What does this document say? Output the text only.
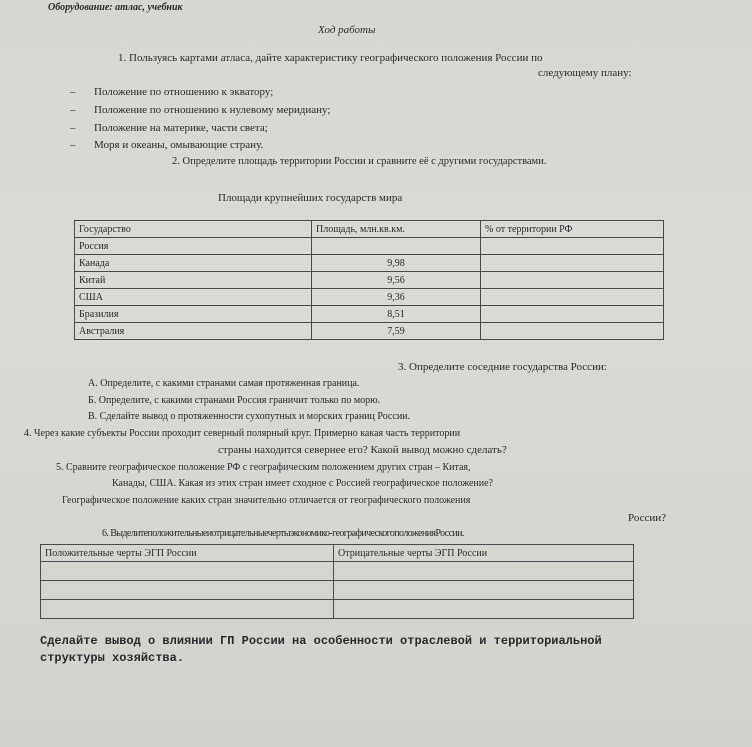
Оборудование: атлас, учебник
Ход работы
1. Пользуясь картами атласа, дайте характеристику географического положения России по
следующему плану:
– Положение по отношению к экватору;
– Положение по отношению к нулевому меридиану;
– Положение на материке, части света;
– Моря и океаны, омывающие страну.
2. Определите площадь территории России и сравните её с другими государствами.
Площади крупнейших государств мира
Государство	Площадь, млн.кв.км.	% от территории РФ
Россия		
Канада	9,98	
Китай	9,56	
США	9,36	
Бразилия	8,51	
Австралия	7,59	
3. Определите соседние государства России:
А. Определите, с какими странами самая протяженная граница.
Б. Определите, с какими странами Россия граничит только по морю.
В. Сделайте вывод о протяженности сухопутных и морских границ России.
4. Через какие субъекты России проходит северный полярный круг. Примерно какая часть территории
страны находится севернее его? Какой вывод можно сделать?
5. Сравните географическое положение РФ с географическим положением других стран – Китая,
Канады, США. Какая из этих стран имеет сходное с Россией географическое положение?
Географическое положение каких стран значительно отличается от географического положения
России?
6. Выделитеположительныеиотрицательныечертыэкономико-географическогоположенияРоссии.
Положительные черты ЭГП России	Отрицательные черты ЭГП России

Сделайте вывод о влиянии ГП России на особенности отраслевой и территориальной
структуры хозяйства.
